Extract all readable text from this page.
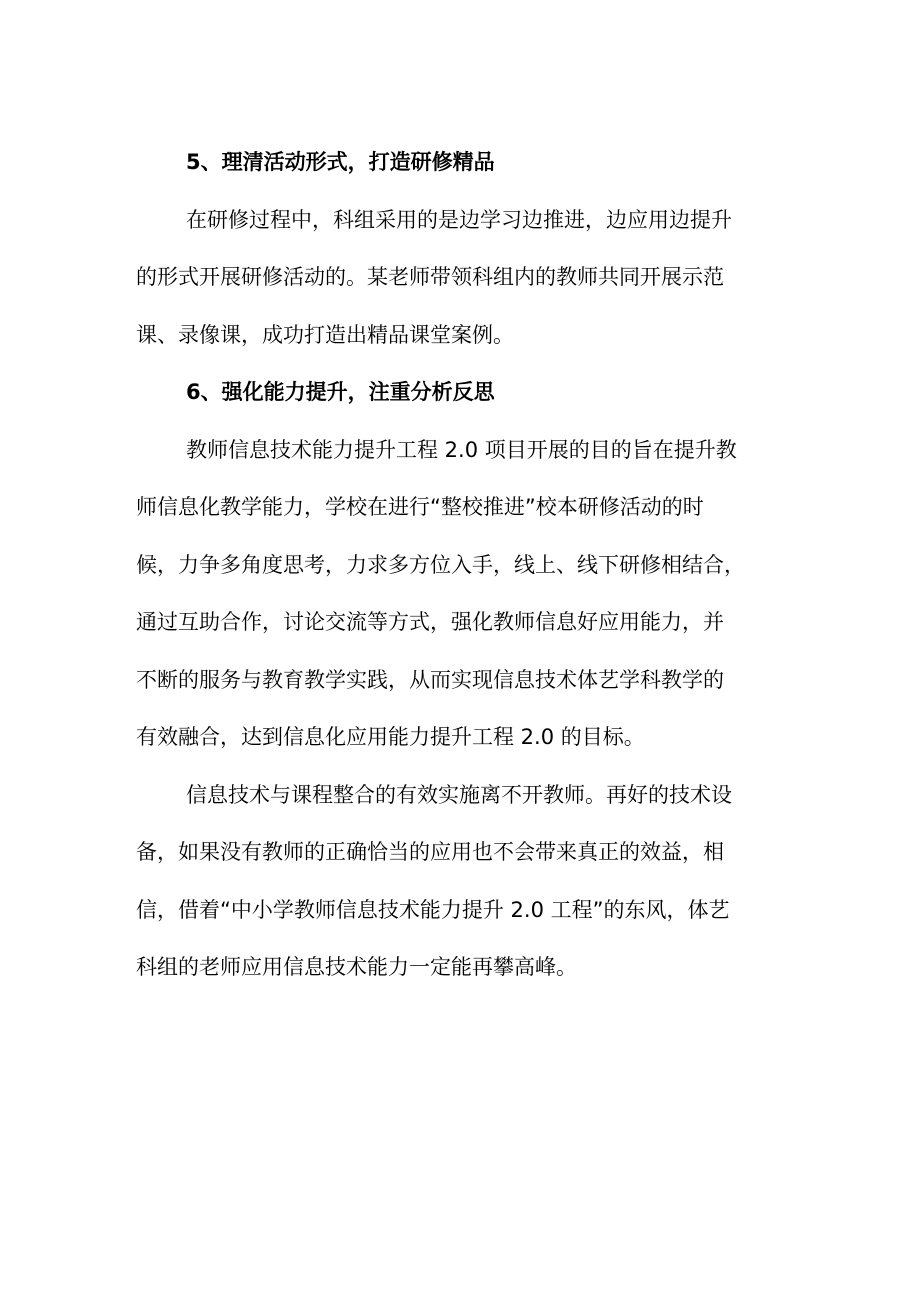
5、理清活动形式，打造研修精品
在研修过程中，科组采用的是边学习边推进，边应用边提升
的形式开展研修活动的。某老师带领科组内的教师共同开展示范
课、录像课，成功打造出精品课堂案例。
6、强化能力提升，注重分析反思
教师信息技术能力提升工程 2.0 项目开展的目的旨在提升教
师信息化教学能力，学校在进行“整校推进”校本研修活动的时
候，力争多角度思考，力求多方位入手，线上、线下研修相结合，
通过互助合作，讨论交流等方式，强化教师信息好应用能力，并
不断的服务与教育教学实践，从而实现信息技术体艺学科教学的
有效融合，达到信息化应用能力提升工程 2.0 的目标。
信息技术与课程整合的有效实施离不开教师。再好的技术设
备，如果没有教师的正确恰当的应用也不会带来真正的效益，相
信，借着“中小学教师信息技术能力提升 2.0 工程”的东风，体艺
科组的老师应用信息技术能力一定能再攀高峰。
